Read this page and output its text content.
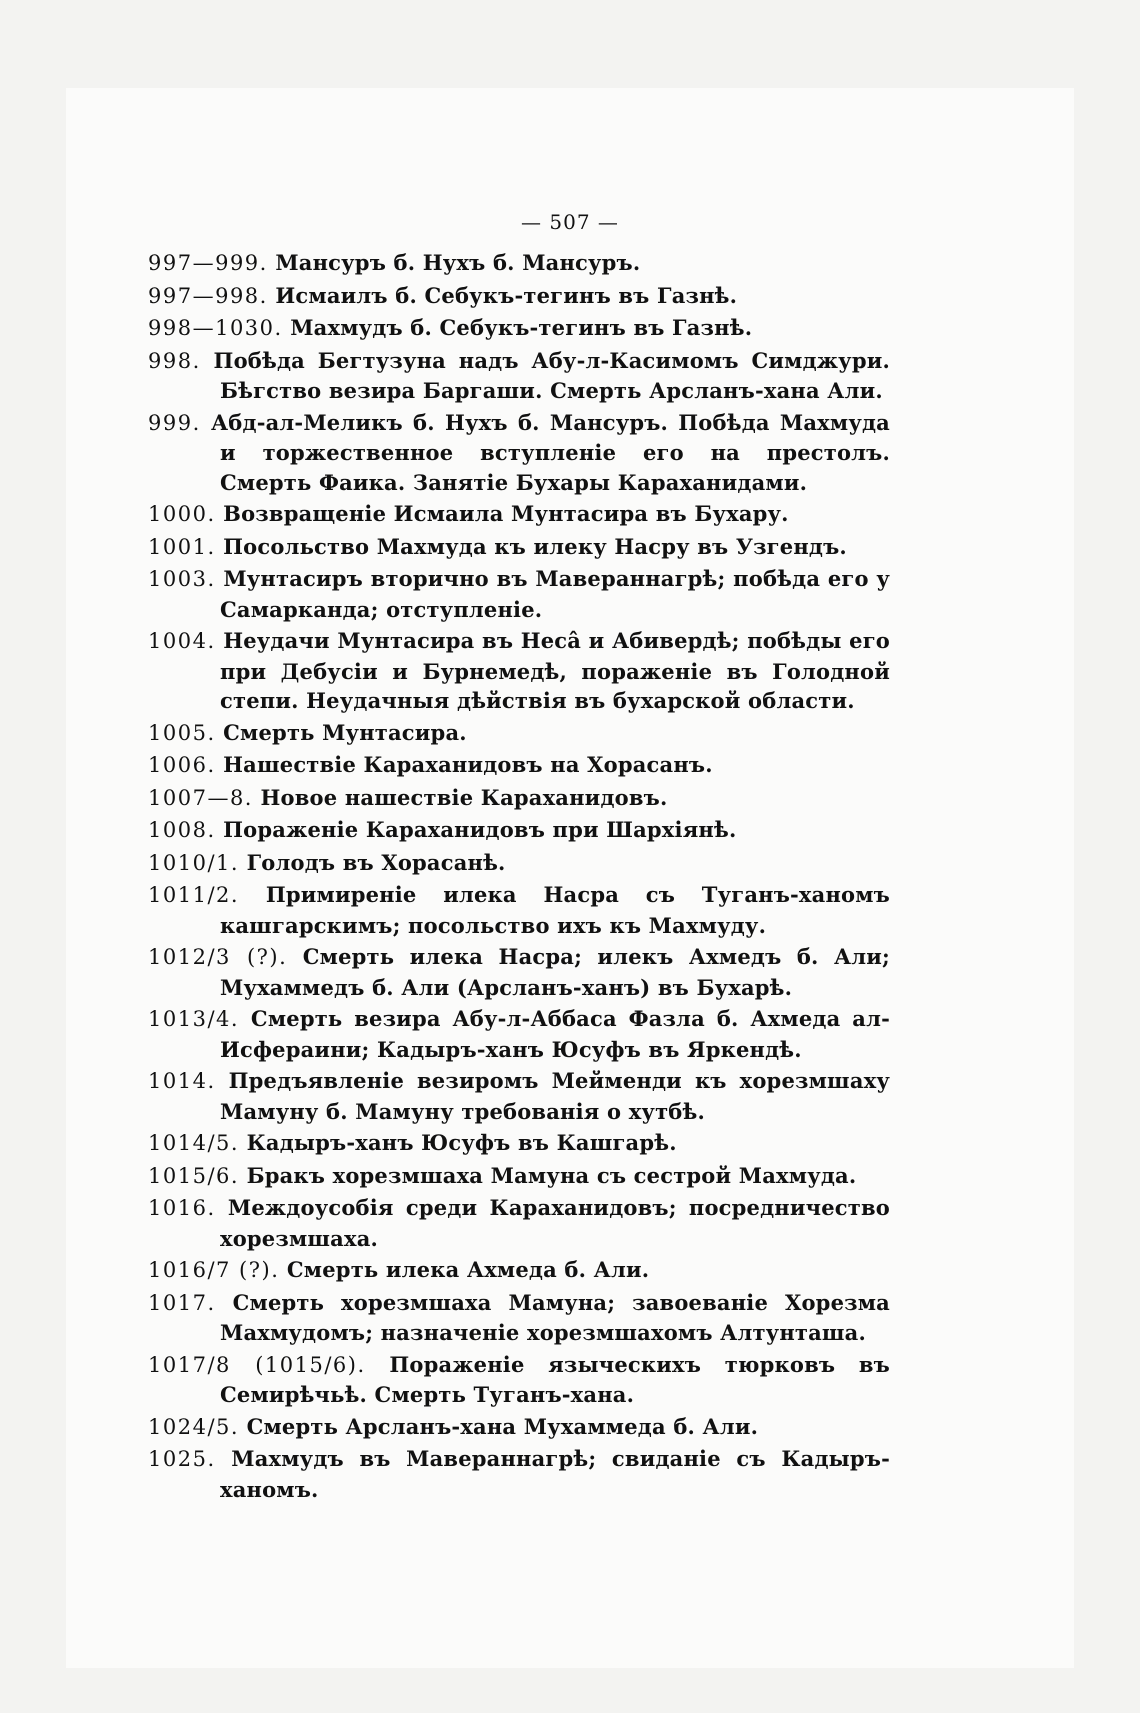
— 507 —
997—999. Мансуръ б. Нухъ б. Мансуръ.
997—998. Исмаилъ б. Себукъ-тегинъ въ Газнѣ.
998—1030. Махмудъ б. Себукъ-тегинъ въ Газнѣ.
998. Побѣда Бегтузуна надъ Абу-л-Касимомъ Симджури. Бѣгство везира Баргаши. Смерть Арсланъ-хана Али.
999. Абд-ал-Меликъ б. Нухъ б. Мансуръ. Побѣда Махмуда и торжественное вступленіе его на престолъ. Смерть Фаика. Занятіе Бухары Караханидами.
1000. Возвращеніе Исмаила Мунтасира въ Бухару.
1001. Посольство Махмуда къ илеку Насру въ Узгендъ.
1003. Мунтасиръ вторично въ Мавераннагрѣ; побѣда его у Самарканда; отступленіе.
1004. Неудачи Мунтасира въ Несâ и Абивердѣ; побѣды его при Дебусіи и Бурнемедѣ, пораженіе въ Голодной степи. Неудачныя дѣйствія въ бухарской области.
1005. Смерть Мунтасира.
1006. Нашествіе Караханидовъ на Хорасанъ.
1007—8. Новое нашествіе Караханидовъ.
1008. Пораженіе Караханидовъ при Шархіянѣ.
1010/1. Голодъ въ Хорасанѣ.
1011/2. Примиреніе илека Насра съ Туганъ-ханомъ кашгарскимъ; посольство ихъ къ Махмуду.
1012/3 (?). Смерть илека Насра; илекъ Ахмедъ б. Али; Мухаммедъ б. Али (Арсланъ-ханъ) въ Бухарѣ.
1013/4. Смерть везира Абу-л-Аббаса Фазла б. Ахмеда ал-Исфераини; Кадыръ-ханъ Юсуфъ въ Яркендѣ.
1014. Предъявленіе везиромъ Мейменди къ хорезмшаху Мамуну б. Мамуну требованія о хутбѣ.
1014/5. Кадыръ-ханъ Юсуфъ въ Кашгарѣ.
1015/6. Бракъ хорезмшаха Мамуна съ сестрой Махмуда.
1016. Междоусобія среди Караханидовъ; посредничество хорезмшаха.
1016/7 (?). Смерть илека Ахмеда б. Али.
1017. Смерть хорезмшаха Мамуна; завоеваніе Хорезма Махмудомъ; назначеніе хорезмшахомъ Алтунташа.
1017/8 (1015/6). Пораженіе языческихъ тюрковъ въ Семирѣчьѣ. Смерть Туганъ-хана.
1024/5. Смерть Арсланъ-хана Мухаммеда б. Али.
1025. Махмудъ въ Мавераннагрѣ; свиданіе съ Кадыръ-ханомъ.
